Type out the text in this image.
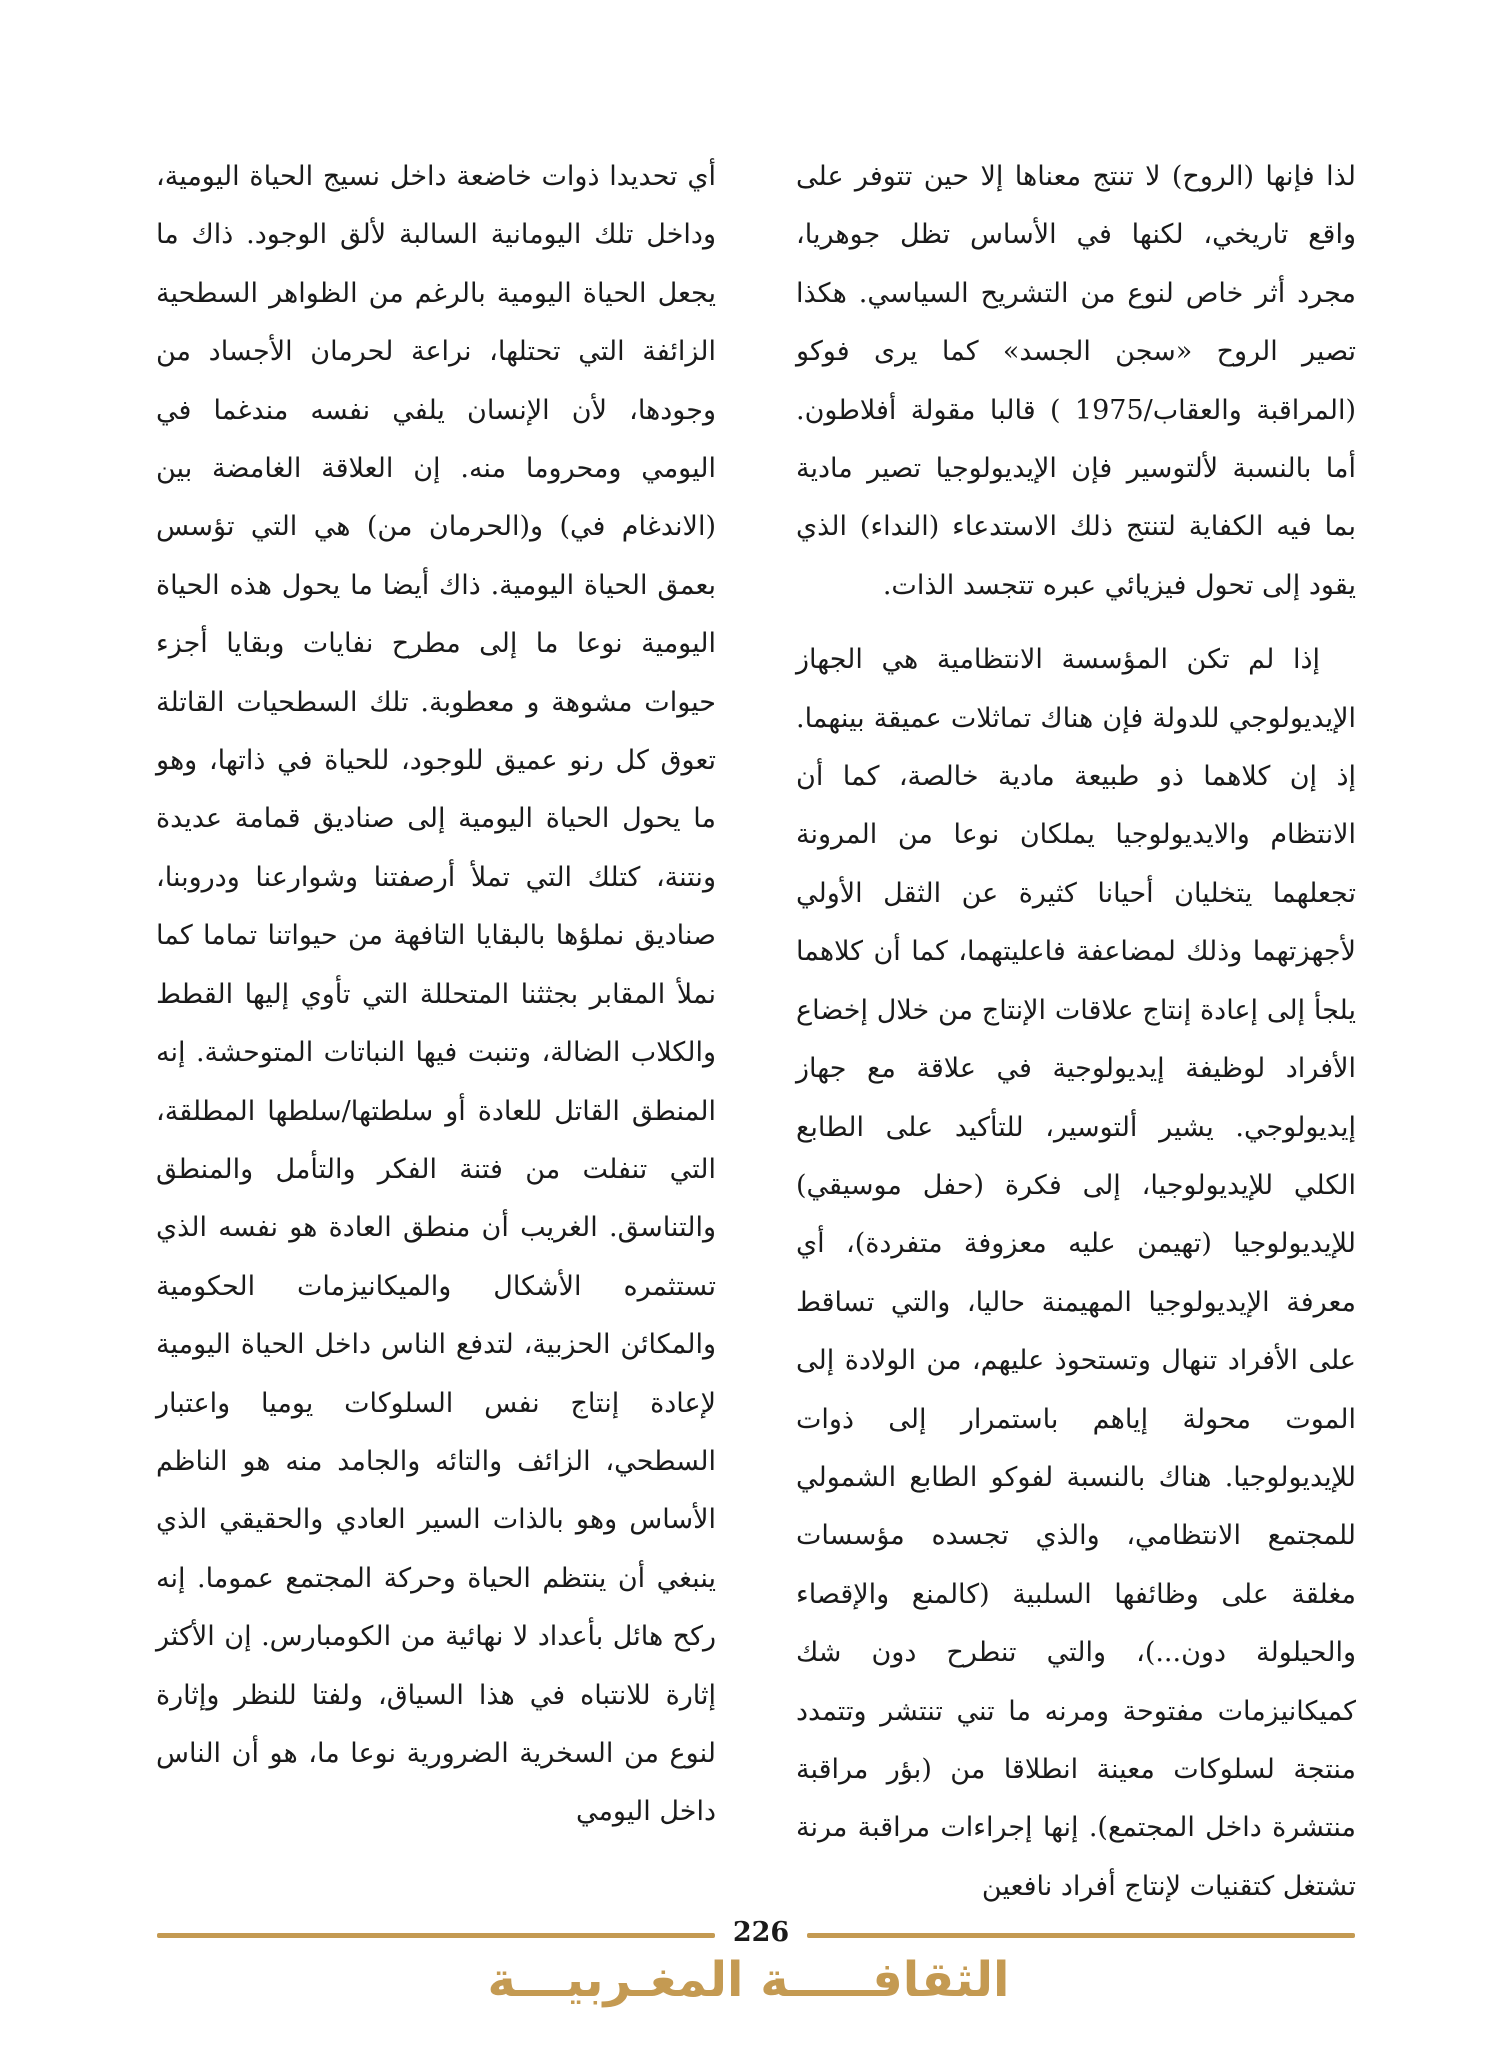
لذا فإنها (الروح) لا تنتج معناها إلا حين تتوفر على واقع تاريخي، لكنها في الأساس تظل جوهريا، مجرد أثر خاص لنوع من التشريح السياسي. هكذا تصير الروح «سجن الجسد» كما يرى فوكو (المراقبة والعقاب/1975 ) قالبا مقولة أفلاطون. أما بالنسبة لألتوسير فإن الإيديولوجيا تصير مادية بما فيه الكفاية لتنتج ذلك الاستدعاء (النداء) الذي يقود إلى تحول فيزيائي عبره تتجسد الذات.

إذا لم تكن المؤسسة الانتظامية هي الجهاز الإيديولوجي للدولة فإن هناك تماثلات عميقة بينهما. إذ إن كلاهما ذو طبيعة مادية خالصة، كما أن الانتظام والايديولوجيا يملكان نوعا من المرونة تجعلهما يتخليان أحيانا كثيرة عن الثقل الأولي لأجهزتهما وذلك لمضاعفة فاعليتهما، كما أن كلاهما يلجأ إلى إعادة إنتاج علاقات الإنتاج من خلال إخضاع الأفراد لوظيفة إيديولوجية في علاقة مع جهاز إيديولوجي. يشير ألتوسير، للتأكيد على الطابع الكلي للإيديولوجيا، إلى فكرة (حفل موسيقي) للإيديولوجيا (تهيمن عليه معزوفة متفردة)، أي معرفة الإيديولوجيا المهيمنة حاليا، والتي تساقط على الأفراد تنهال وتستحوذ عليهم، من الولادة إلى الموت محولة إياهم باستمرار إلى ذوات للإيديولوجيا. هناك بالنسبة لفوكو الطابع الشمولي للمجتمع الانتظامي، والذي تجسده مؤسسات مغلقة على وظائفها السلبية (كالمنع والإقصاء والحيلولة دون...)، والتي تنطرح دون شك كميكانيزمات مفتوحة ومرنه ما تني تنتشر وتتمدد منتجة لسلوكات معينة انطلاقا من (بؤر مراقبة منتشرة داخل المجتمع). إنها إجراءات مراقبة مرنة تشتغل كتقنيات لإنتاج أفراد نافعين

أي تحديدا ذوات خاضعة داخل نسيج الحياة اليومية، وداخل تلك اليومانية السالبة لألق الوجود. ذاك ما يجعل الحياة اليومية بالرغم من الظواهر السطحية الزائفة التي تحتلها، نراعة لحرمان الأجساد من وجودها، لأن الإنسان يلفي نفسه مندغما في اليومي ومحروما منه. إن العلاقة الغامضة بين (الاندغام في) و(الحرمان من) هي التي تؤسس بعمق الحياة اليومية. ذاك أيضا ما يحول هذه الحياة اليومية نوعا ما إلى مطرح نفايات وبقايا أجزء حيوات مشوهة و معطوبة. تلك السطحيات القاتلة تعوق كل رنو عميق للوجود، للحياة في ذاتها، وهو ما يحول الحياة اليومية إلى صناديق قمامة عديدة ونتنة، كتلك التي تملأ أرصفتنا وشوارعنا ودروبنا، صناديق نملؤها بالبقايا التافهة من حيواتنا تماما كما نملأ المقابر بجثثنا المتحللة التي تأوي إليها القطط والكلاب الضالة، وتنبت فيها النباتات المتوحشة. إنه المنطق القاتل للعادة أو سلطتها/سلطها المطلقة، التي تنفلت من فتنة الفكر والتأمل والمنطق والتناسق. الغريب أن منطق العادة هو نفسه الذي تستثمره الأشكال والميكانيزمات الحكومية والمكائن الحزبية، لتدفع الناس داخل الحياة اليومية لإعادة إنتاج نفس السلوكات يوميا واعتبار السطحي، الزائف والتائه والجامد منه هو الناظم الأساس وهو بالذات السير العادي والحقيقي الذي ينبغي أن ينتظم الحياة وحركة المجتمع عموما. إنه ركح هائل بأعداد لا نهائية من الكومبارس. إن الأكثر إثارة للانتباه في هذا السياق، ولفتا للنظر وإثارة لنوع من السخرية الضرورية نوعا ما، هو أن الناس داخل اليومي

226
الثقافـــــة المغـربيـــة
